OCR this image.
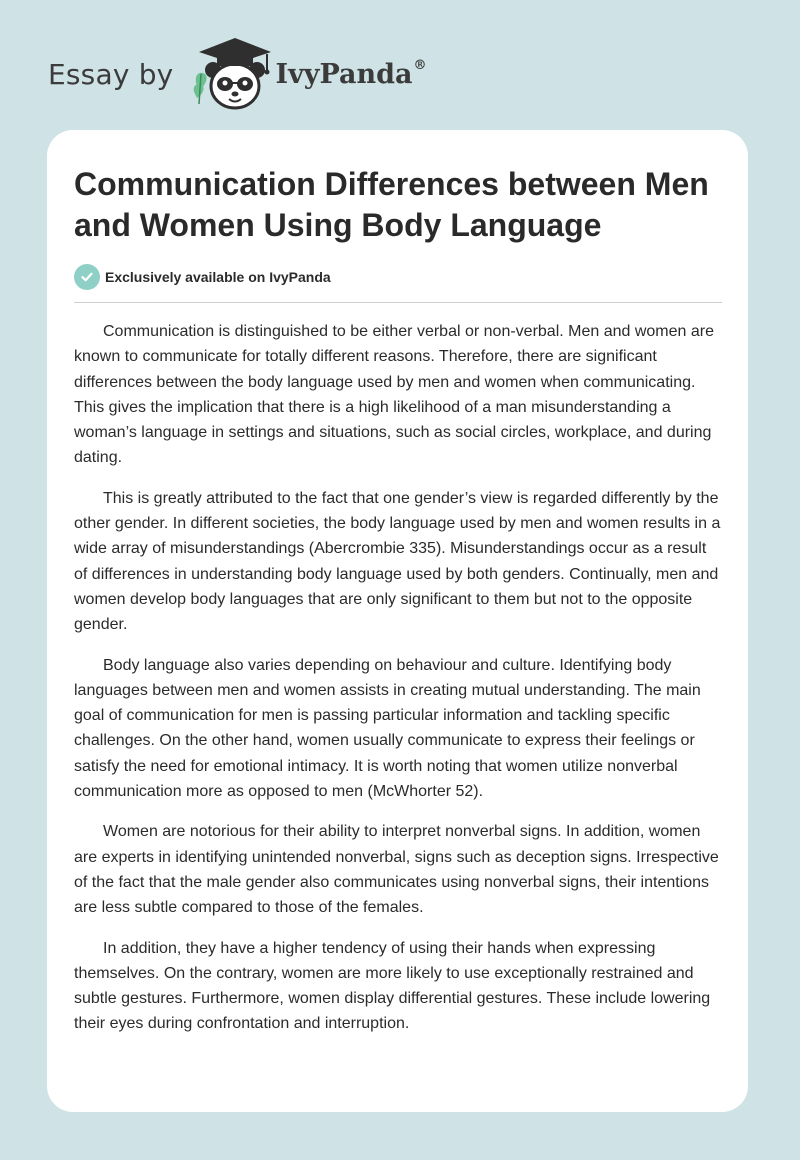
Essay by	IvyPanda®
Communication Differences between Men and Women Using Body Language
Exclusively available on IvyPanda

Communication is distinguished to be either verbal or non-verbal. Men and women are known to communicate for totally different reasons. Therefore, there are significant differences between the body language used by men and women when communicating. This gives the implication that there is a high likelihood of a man misunderstanding a woman’s language in settings and situations, such as social circles, workplace, and during dating.

This is greatly attributed to the fact that one gender’s view is regarded differently by the other gender. In different societies, the body language used by men and women results in a wide array of misunderstandings (Abercrombie 335). Misunderstandings occur as a result of differences in understanding body language used by both genders. Continually, men and women develop body languages that are only significant to them but not to the opposite gender.

Body language also varies depending on behaviour and culture. Identifying body languages between men and women assists in creating mutual understanding. The main goal of communication for men is passing particular information and tackling specific challenges. On the other hand, women usually communicate to express their feelings or satisfy the need for emotional intimacy. It is worth noting that women utilize nonverbal communication more as opposed to men (McWhorter 52).

Women are notorious for their ability to interpret nonverbal signs. In addition, women are experts in identifying unintended nonverbal, signs such as deception signs. Irrespective of the fact that the male gender also communicates using nonverbal signs, their intentions are less subtle compared to those of the females.

In addition, they have a higher tendency of using their hands when expressing themselves. On the contrary, women are more likely to use exceptionally restrained and subtle gestures. Furthermore, women display differential gestures. These include lowering their eyes during confrontation and interruption.
